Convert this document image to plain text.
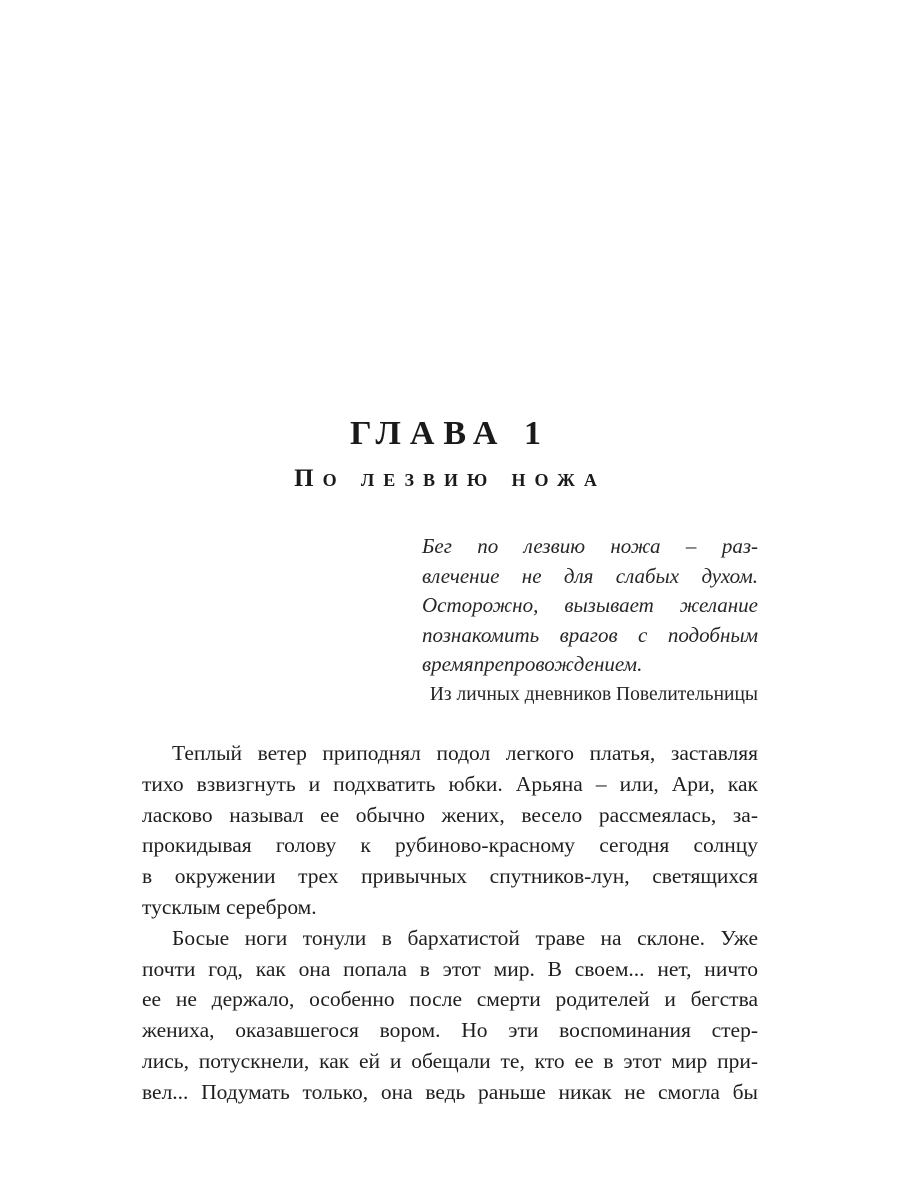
ГЛАВА 1
По лезвию ножа
Бег по лезвию ножа – раз-
влечение не для слабых духом.
Осторожно, вызывает желание
познакомить врагов с подобным
времяпрепровождением.

Из личных дневников Повелительницы

Теплый ветер приподнял подол легкого платья, заставляя
тихо взвизгнуть и подхватить юбки. Арьяна – или, Ари, как
ласково называл ее обычно жених, весело рассмеялась, за-
прокидывая голову к рубиново-красному сегодня солнцу
в окружении трех привычных спутников-лун, светящихся
тусклым серебром.
Босые ноги тонули в бархатистой траве на склоне. Уже
почти год, как она попала в этот мир. В своем... нет, ничто
ее не держало, особенно после смерти родителей и бегства
жениха, оказавшегося вором. Но эти воспоминания стер-
лись, потускнели, как ей и обещали те, кто ее в этот мир при-
вел... Подумать только, она ведь раньше никак не смогла бы
